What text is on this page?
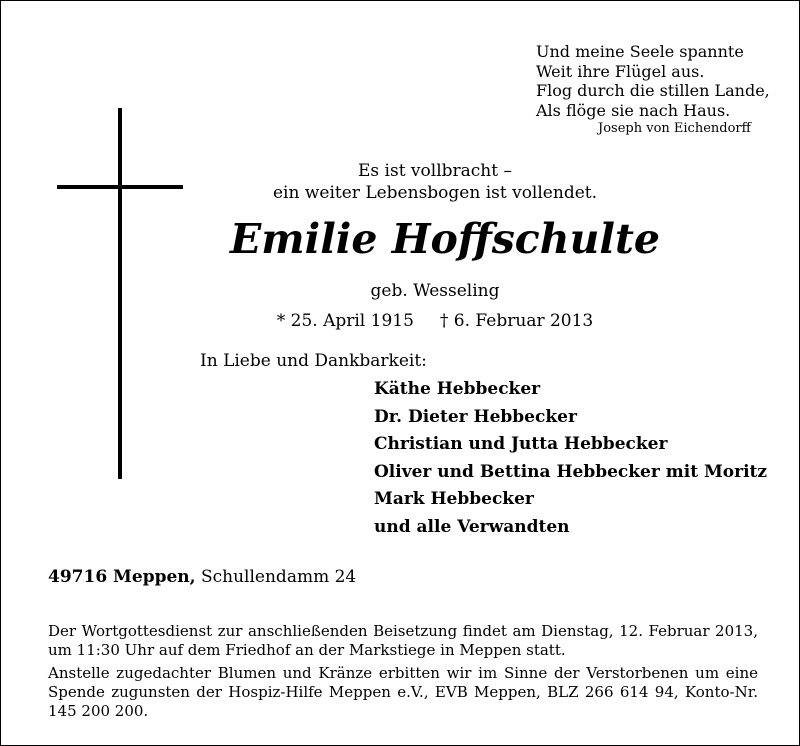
Und meine Seele spannte
Weit ihre Flügel aus.
Flog durch die stillen Lande,
Als flöge sie nach Haus.
Joseph von Eichendorff
Es ist vollbracht –
ein weiter Lebensbogen ist vollendet.
Emilie Hoffschulte
geb. Wesseling
* 25. April 1915 † 6. Februar 2013
In Liebe und Dankbarkeit:
Käthe Hebbecker
Dr. Dieter Hebbecker
Christian und Jutta Hebbecker
Oliver und Bettina Hebbecker mit Moritz
Mark Hebbecker
und alle Verwandten
49716 Meppen, Schullendamm 24
Der Wortgottesdienst zur anschließenden Beisetzung findet am Dienstag, 12. Februar 2013, um 11:30 Uhr auf dem Friedhof an der Markstiege in Meppen statt.
Anstelle zugedachter Blumen und Kränze erbitten wir im Sinne der Verstorbenen um eine Spende zugunsten der Hospiz-Hilfe Meppen e.V., EVB Meppen, BLZ 266 614 94, Konto-Nr. 145 200 200.
